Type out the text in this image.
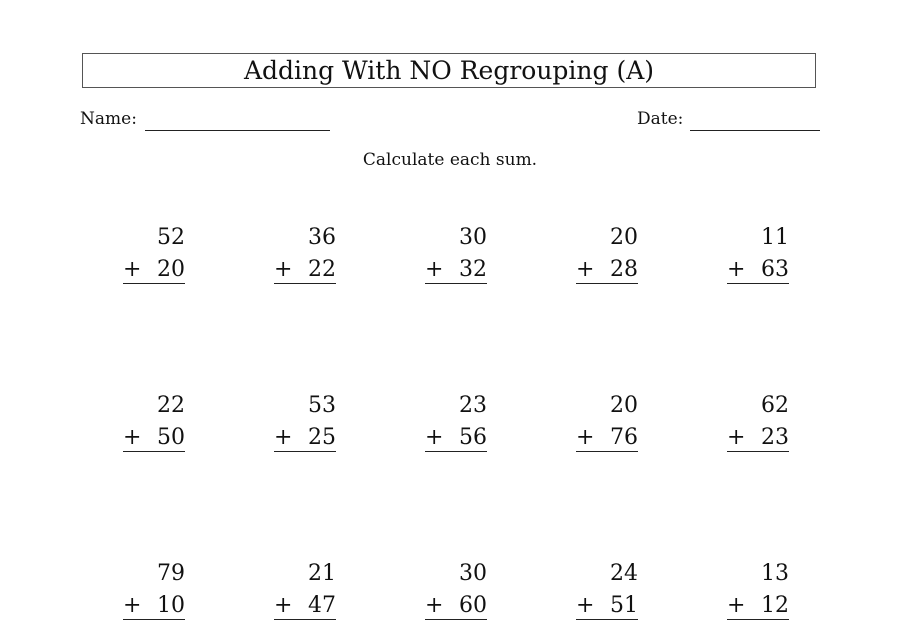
Adding With NO Regrouping (A)
Name:	Date:
Calculate each sum.
52
+ 20
36
+ 22
30
+ 32
20
+ 28
11
+ 63
22
+ 50
53
+ 25
23
+ 56
20
+ 76
62
+ 23
79
+ 10
21
+ 47
30
+ 60
24
+ 51
13
+ 12
